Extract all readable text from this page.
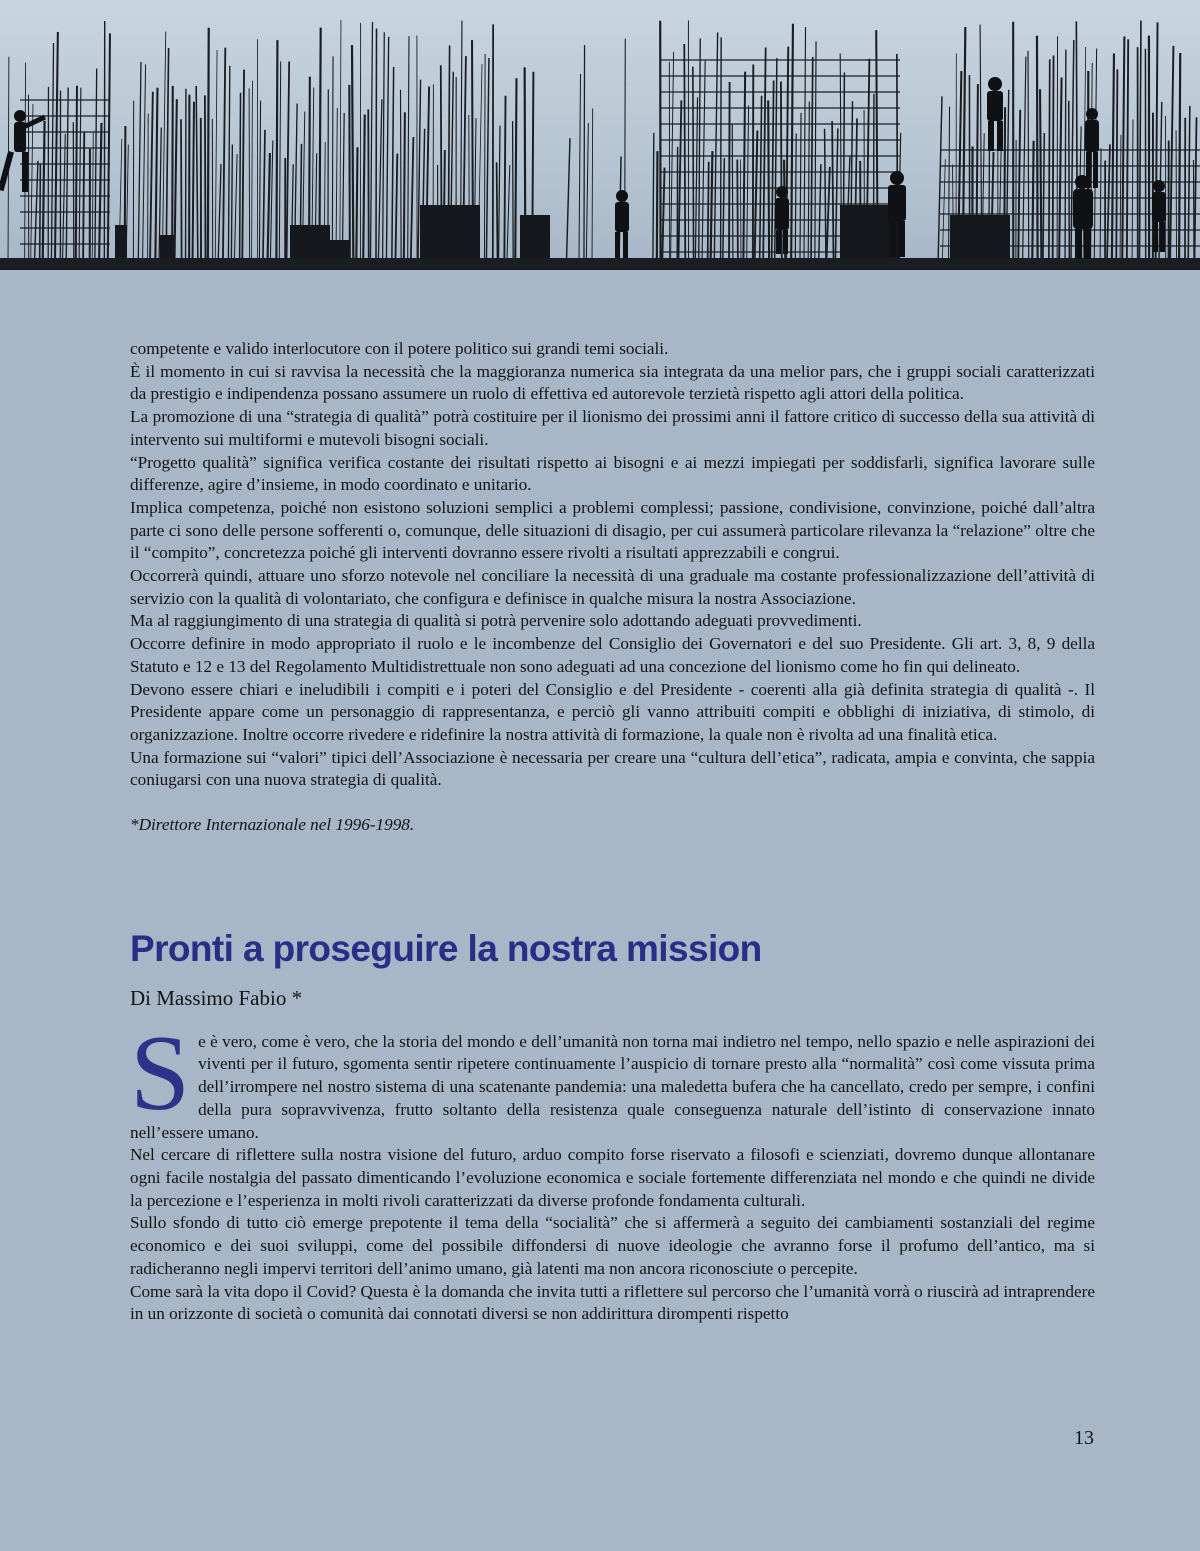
competente e valido interlocutore con il potere politico sui grandi temi sociali.

È il momento in cui si ravvisa la necessità che la maggioranza numerica sia integrata da una melior pars, che i gruppi sociali caratterizzati da prestigio e indipendenza possano assumere un ruolo di effettiva ed autorevole terzietà rispetto agli attori della politica.

La promozione di una “strategia di qualità” potrà costituire per il lionismo dei prossimi anni il fattore critico di successo della sua attività di intervento sui multiformi e mutevoli bisogni sociali.

“Progetto qualità” significa verifica costante dei risultati rispetto ai bisogni e ai mezzi impiegati per soddisfarli, significa lavorare sulle differenze, agire d’insieme, in modo coordinato e unitario.

Implica competenza, poiché non esistono soluzioni semplici a problemi complessi; passione, condivisione, convinzione, poiché dall’altra parte ci sono delle persone sofferenti o, comunque, delle situazioni di disagio, per cui assumerà particolare rilevanza la “relazione” oltre che il “compito”, concretezza poiché gli interventi dovranno essere rivolti a risultati apprezzabili e congrui.

Occorrerà quindi, attuare uno sforzo notevole nel conciliare la necessità di una graduale ma costante professionalizzazione dell’attività di servizio con la qualità di volontariato, che configura e definisce in qualche misura la nostra Associazione.

Ma al raggiungimento di una strategia di qualità si potrà pervenire solo adottando adeguati provvedimenti.

Occorre definire in modo appropriato il ruolo e le incombenze del Consiglio dei Governatori e del suo Presidente. Gli art. 3, 8, 9 della Statuto e 12 e 13 del Regolamento Multidistrettuale non sono adeguati ad una concezione del lionismo come ho fin qui delineato.

Devono essere chiari e ineludibili i compiti e i poteri del Consiglio e del Presidente - coerenti alla già definita strategia di qualità -. Il Presidente appare come un personaggio di rappresentanza, e perciò gli vanno attribuiti compiti e obblighi di iniziativa, di stimolo, di organizzazione. Inoltre occorre rivedere e ridefinire la nostra attività di formazione, la quale non è rivolta ad una finalità etica.

Una formazione sui “valori” tipici dell’Associazione è necessaria per creare una “cultura dell’etica”, radicata, ampia e convinta, che sappia coniugarsi con una nuova strategia di qualità.

*Direttore Internazionale nel 1996-1998.

Pronti a proseguire la nostra mission

Di Massimo Fabio *

Se è vero, come è vero, che la storia del mondo e dell’umanità non torna mai indietro nel tempo, nello spazio e nelle aspirazioni dei viventi per il futuro, sgomenta sentir ripetere continuamente l’auspicio di tornare presto alla “normalità” così come vissuta prima dell’irrompere nel nostro sistema di una scatenante pandemia: una maledetta bufera che ha cancellato, credo per sempre, i confini della pura sopravvivenza, frutto soltanto della resistenza quale conseguenza naturale dell’istinto di conservazione innato nell’essere umano.

Nel cercare di riflettere sulla nostra visione del futuro, arduo compito forse riservato a filosofi e scienziati, dovremo dunque allontanare ogni facile nostalgia del passato dimenticando l’evoluzione economica e sociale fortemente differenziata nel mondo e che quindi ne divide la percezione e l’esperienza in molti rivoli caratterizzati da diverse profonde fondamenta culturali.

Sullo sfondo di tutto ciò emerge prepotente il tema della “socialità” che si affermerà a seguito dei cambiamenti sostanziali del regime economico e dei suoi sviluppi, come del possibile diffondersi di nuove ideologie che avranno forse il profumo dell’antico, ma si radicheranno negli impervi territori dell’animo umano, già latenti ma non ancora riconosciute o percepite.

Come sarà la vita dopo il Covid? Questa è la domanda che invita tutti a riflettere sul percorso che l’umanità vorrà o riuscirà ad intraprendere in un orizzonte di società o comunità dai connotati diversi se non addirittura dirompenti rispetto

13
